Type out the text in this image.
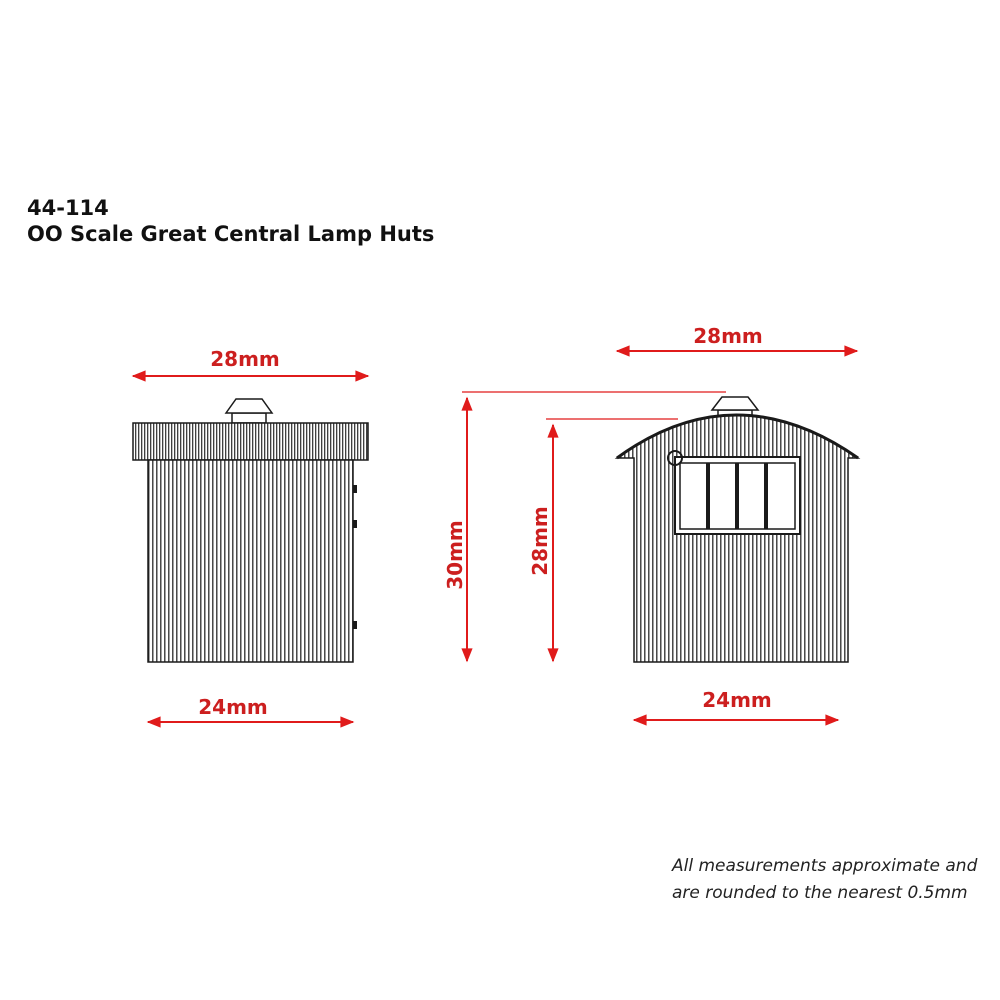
44-114
OO Scale Great Central Lamp Huts
28mm
24mm
30mm	28mm
28mm
24mm
All measurements approximate and
are rounded to the nearest 0.5mm
